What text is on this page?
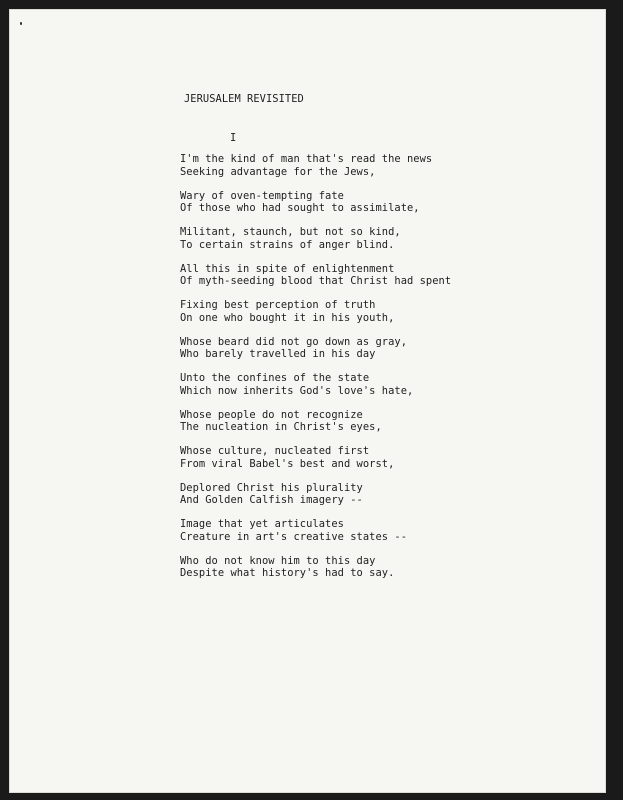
JERUSALEM REVISITED
I
I'm the kind of man that's read the news
Seeking advantage for the Jews,
Wary of oven-tempting fate
Of those who had sought to assimilate,
Militant, staunch, but not so kind,
To certain strains of anger blind.
All this in spite of enlightenment
Of myth-seeding blood that Christ had spent
Fixing best perception of truth
On one who bought it in his youth,
Whose beard did not go down as gray,
Who barely travelled in his day
Unto the confines of the state
Which now inherits God's love's hate,
Whose people do not recognize
The nucleation in Christ's eyes,
Whose culture, nucleated first
From viral Babel's best and worst,
Deplored Christ his plurality
And Golden Calfish imagery --
Image that yet articulates
Creature in art's creative states --
Who do not know him to this day
Despite what history's had to say.
